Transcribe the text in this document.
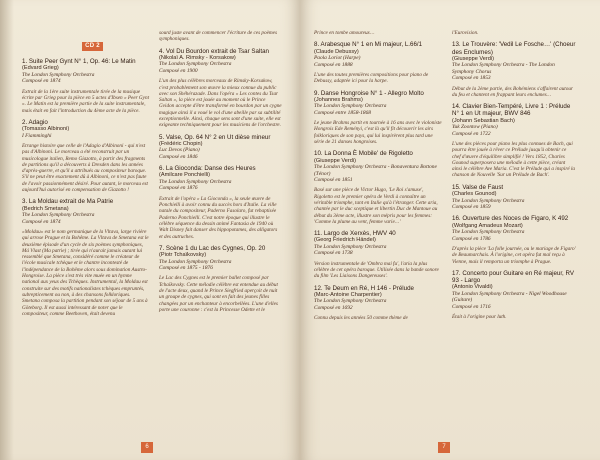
CD 2
1. Suite Peer Gynt N° 1, Op. 46: Le Matin
(Edvard Grieg)
The London Symphony Orchestra
Composé en 1874
Extrait de la 1ère suite instrumentale tirée de la musique écrite par Grieg pour la pièce en 5 actes d'Ibsen « Peer Gynt ». Le Matin est la première partie de la suite instrumentale, mais était en fait l'introduction du 4ème acte de la pièce.
2. Adagio
(Tomasso Albinoni)
I Fiamminghi
Etrange histoire que celle de l'Adagio d'Albinoni - qui n'est pas d'Albinoni. Le morceau a été reconstruit par un musicologue italien, Remo Giazotto, à partir des fragments de partitions qu'il a découverts à Dresden dans les années d'après-guerre, et qu'il a attribués au compositeur baroque. S'il ne peut être exactement dû à Albinoni, ce n'est pas faute de l'avoir passionnément désiré. Pour autant, le morceau est aujourd'hui autorisé en compensation de Giazotto !
3. La Moldau extrait de Ma Patrie
(Bedrich Smetana)
The London Symphony Orchestra
Composé en 1874
«Moldau» est le nom germanique de la Vltava, large rivière qui arrose Prague et la Bohême. La Vltava de Smetana est le deuxième épisode d'un cycle de six poèmes symphoniques, Má Vlast (Ma patrie) ; tirée qui n'aurait jamais autant lui ressemblé que Smetana, considéré comme le créateur de l'école musicale tchèque et le chantre incontesté de l'indépendance de la Bohême alors sous domination Austro-Hongroise. La pièce s'est très vite muée en un hymne national aux yeux des Tchèques. Instrumental, la Moldau est construite sur des motifs nationalistes tchèques empruntés, subrepticement ou non, à des chansons folkloriques. Smetana composa la partition pendant son séjour de 5 ans à Göteborg. Il est aussi intéressant de noter que le compositeur, comme Beethoven, était devenu
sourd juste avant de commencer l'écriture de ces poèmes symphoniques.
4. Vol Du Bourdon extrait de Tsar Saltan
(Nikolaï A. Rimsky - Korsakow)
The London Symphony Orchestra
Composé en 1900
L'un des plus célèbres morceaux de Rimsky-Korsakow, c'est probablement son œuvre la mieux connue du public avec son Shéhérazade. Dans l'opéra « Les contes du Tsar Saltan », la pièce est jouée au moment où le Prince Gvidon accepte d'être transformé en bourdon par un cygne magique ainsi il a voué le vol d'une abeille par sa subtilité exceptionnelle. Ainsi, chaque sens sont d'une suite, elle est exigeante techniquement pour les musiciens de l'orchestre.
5. Valse, Op. 64 N° 2 en Ut dièse mineur
(Frédéric Chopin)
Luc Devos (Piano)
Composé en 1846
6. La Gioconda: Danse des Heures
(Amilcare Ponchielli)
The London Symphony Orchestra
Composé en 1876
Extrait de l'opéra « La Gioconda », la seule œuvre de Ponchielli à avoir connu du succès hors d'Italie. La ville natale du compositeur, Paderno Fasolaro, fut rebaptisée Paderno Ponchielli. C'est notre époque qui illustre le célèbre séquence du dessin animé Fantasia de 1940 où Walt Disney fait danser des hippopotames, des alligators et des autruches.
7. Scène 1 du Lac des Cygnes, Op. 20
(Piotr Tchaïkovsky)
The London Symphony Orchestra
Composé en 1875 - 1876
Le Lac des Cygnes est le premier ballet composé par Tchaïkovsky. Cette mélodie célèbre est entendue au début de l'acte deux, quand le Prince Siegfried aperçoit de nuit un groupe de cygnes, qui sont en fait des jeunes filles changées par un enchanteur à encorbellées. L'une d'elles porte une couronne : c'est la Princesse Odette et le
6
Prince en tombe amoureux…
8. Arabesque N° 1 en Mi majeur, L.66/1
(Claude Debussy)
Paola Loriot (Harpe)
Composé en 1888
L'une des toutes premières compositions pour piano de Debussy, adaptée ici pour la harpe.
9. Danse Hongroise N° 1 - Allegro Molto
(Johannes Brahms)
The London Symphony Orchestra
Composé entre 1858-1868
Le jeune Brahms partit en tournée à 16 ans avec le violoniste Hongrois Ede Reményi, c'est là qu'il fit découvrir les airs folkloriques de son pays, qui lui inspirèrent plus tard une série de 21 danses hongroises.
10. La Donna È Mobile' de Rigoletto
(Giuseppe Verdi)
The London Symphony Orchestra - Bonaventura Bottone (Ténor)
Composé en 1851
Basé sur une pièce de Victor Hugo, 'Le Roi s'amuse', Rigoletto est le premier opéra de Verdi à connaître un véritable triomphe, tant en Italie qu'à l'étranger. Cette aria, chantée par le duc sceptique et libertin Duc de Mantoue au début du 3ème acte, illustre son mépris pour les femmes: 'Comme la plume au vent, femme varie…'
11. Largo de Xerxès, HWV 40
(Georg Friedrich Händel)
The London Symphony Orchestra
Composé en 1738
Version instrumentale de 'Ombra mai fu', l'aria la plus célèbre de cet opéra baroque. Utilisée dans la bande sonore du film 'Les Liaisons Dangereuses'.
12. Te Deum en Ré, H 146 - Prélude
(Marc-Antoine Charpentier)
The London Symphony Orchestra
Composé en 1692
Connu depuis les années 50 comme thème de
l'Eurovision.
13. Le Trouvère: 'Vedil Le Fosche…' (Choeur des Enclumes)
(Giuseppe Verdi)
The London Symphony Orchestra - The London Symphony Chorus
Composé en 1853
Début de la 2ème partie, des Bohémiens s'affairent autour du feu et chantent en frappant leurs enclumes…
14. Clavier Bien-Tempéré, Livre 1 : Prélude N° 1 en Ut majeur, BWV 846
(Johann Sebastian Bach)
Yuk Zoontow (Piano)
Composé en 1722
L'une des pièces pour piano les plus connues de Bach, qui pourra être jouée à rêver ce Prélude jusqu'à obtenir ce chef d'œuvre d'équilibre simplifié ! Vers 1852, Charles Gounod superposera une mélodie à cette pièce, créant ainsi le célèbre Ave Maria. C'est le Prélude qui a inspiré la chanson de Nouvelle 'Sur un Prélude de Bach'.
15. Valse de Faust
(Charles Gounod)
The London Symphony Orchestra
Composé en 1859
16. Ouverture des Noces de Figaro, K 492
(Wolfgang Amadeus Mozart)
The London Symphony Orchestra
Composé en 1786
D'après la pièce 'La folle journée, ou le mariage de Figaro' de Beaumarchais. À l'origine, cet opéra fut mal reçu à Vienne, mais il remporta un triomphe à Prague.
17. Concerto pour Guitare en Ré majeur, RV 93 - Largo
(Antonio Vivaldi)
The London Symphony Orchestra - Nigel Woodhouse (Guitare)
Composé en 1716
Était à l'origine pour luth.
7
